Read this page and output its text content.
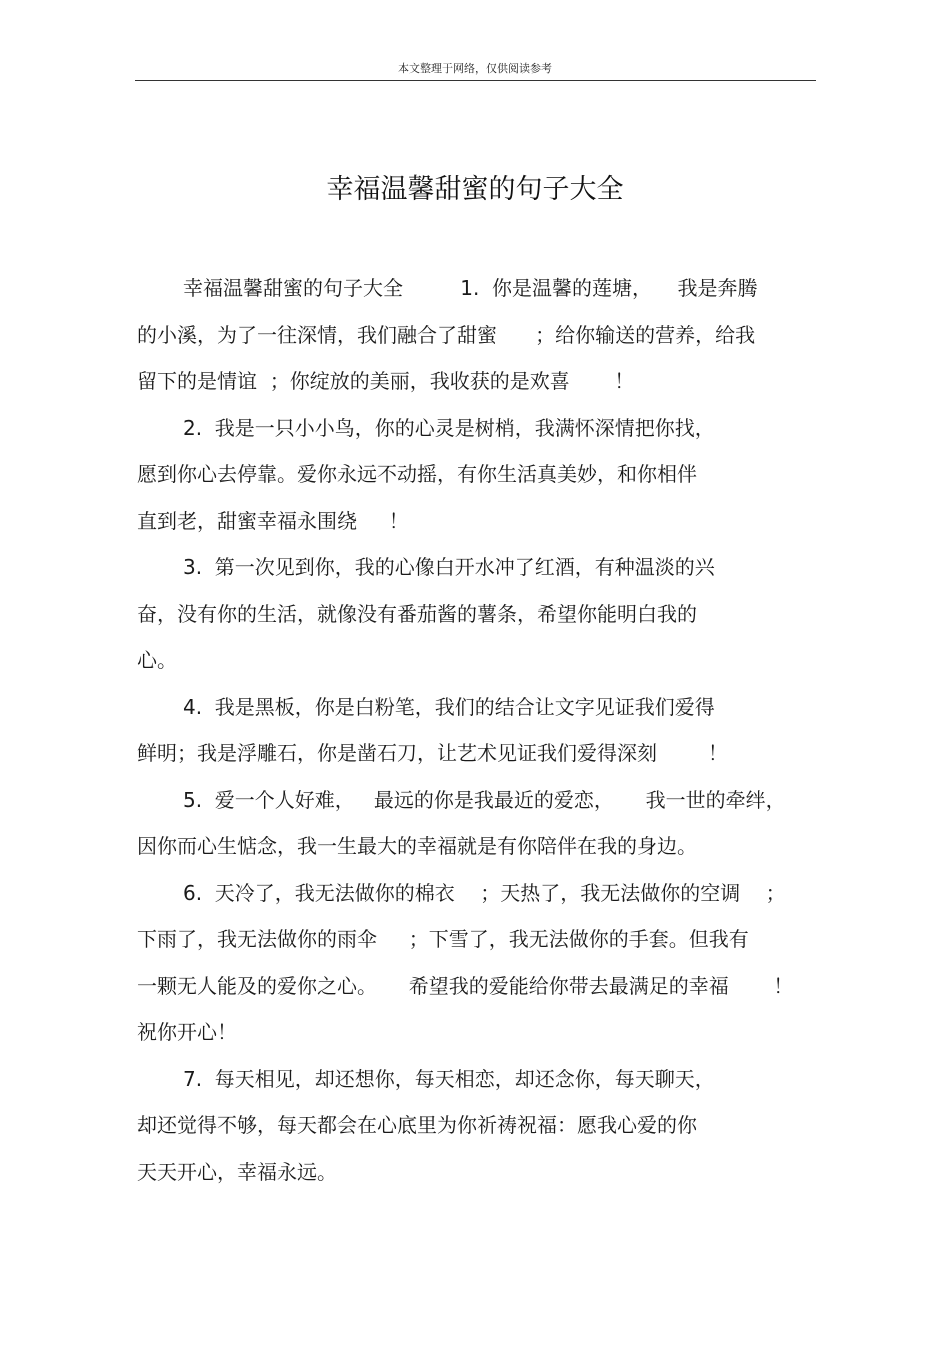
本文整理于网络，仅供阅读参考
幸福温馨甜蜜的句子大全
幸福温馨甜蜜的句子大全         1.  你是温馨的莲塘，    我是奔腾
的小溪，为了一往深情，我们融合了甜蜜      ；给你输送的营养，给我
留下的是情谊  ；你绽放的美丽，我收获的是欢喜       ！
2.  我是一只小小鸟，你的心灵是树梢，我满怀深情把你找，
愿到你心去停靠。爱你永远不动摇，有你生活真美妙，和你相伴
直到老，甜蜜幸福永围绕     ！
3.  第一次见到你，我的心像白开水冲了红酒，有种温淡的兴
奋，没有你的生活，就像没有番茄酱的薯条，希望你能明白我的
心。
4.  我是黑板，你是白粉笔，我们的结合让文字见证我们爱得
鲜明；我是浮雕石，你是凿石刀，让艺术见证我们爱得深刻        ！
5.  爱一个人好难，   最远的你是我最近的爱恋，     我一世的牵绊，
因你而心生惦念，我一生最大的幸福就是有你陪伴在我的身边。
6.  天冷了，我无法做你的棉衣    ；天热了，我无法做你的空调    ；
下雨了，我无法做你的雨伞     ；下雪了，我无法做你的手套。但我有
一颗无人能及的爱你之心。     希望我的爱能给你带去最满足的幸福       ！
祝你开心！
7.  每天相见，却还想你，每天相恋，却还念你，每天聊天，
却还觉得不够，每天都会在心底里为你祈祷祝福：愿我心爱的你
天天开心，幸福永远。
